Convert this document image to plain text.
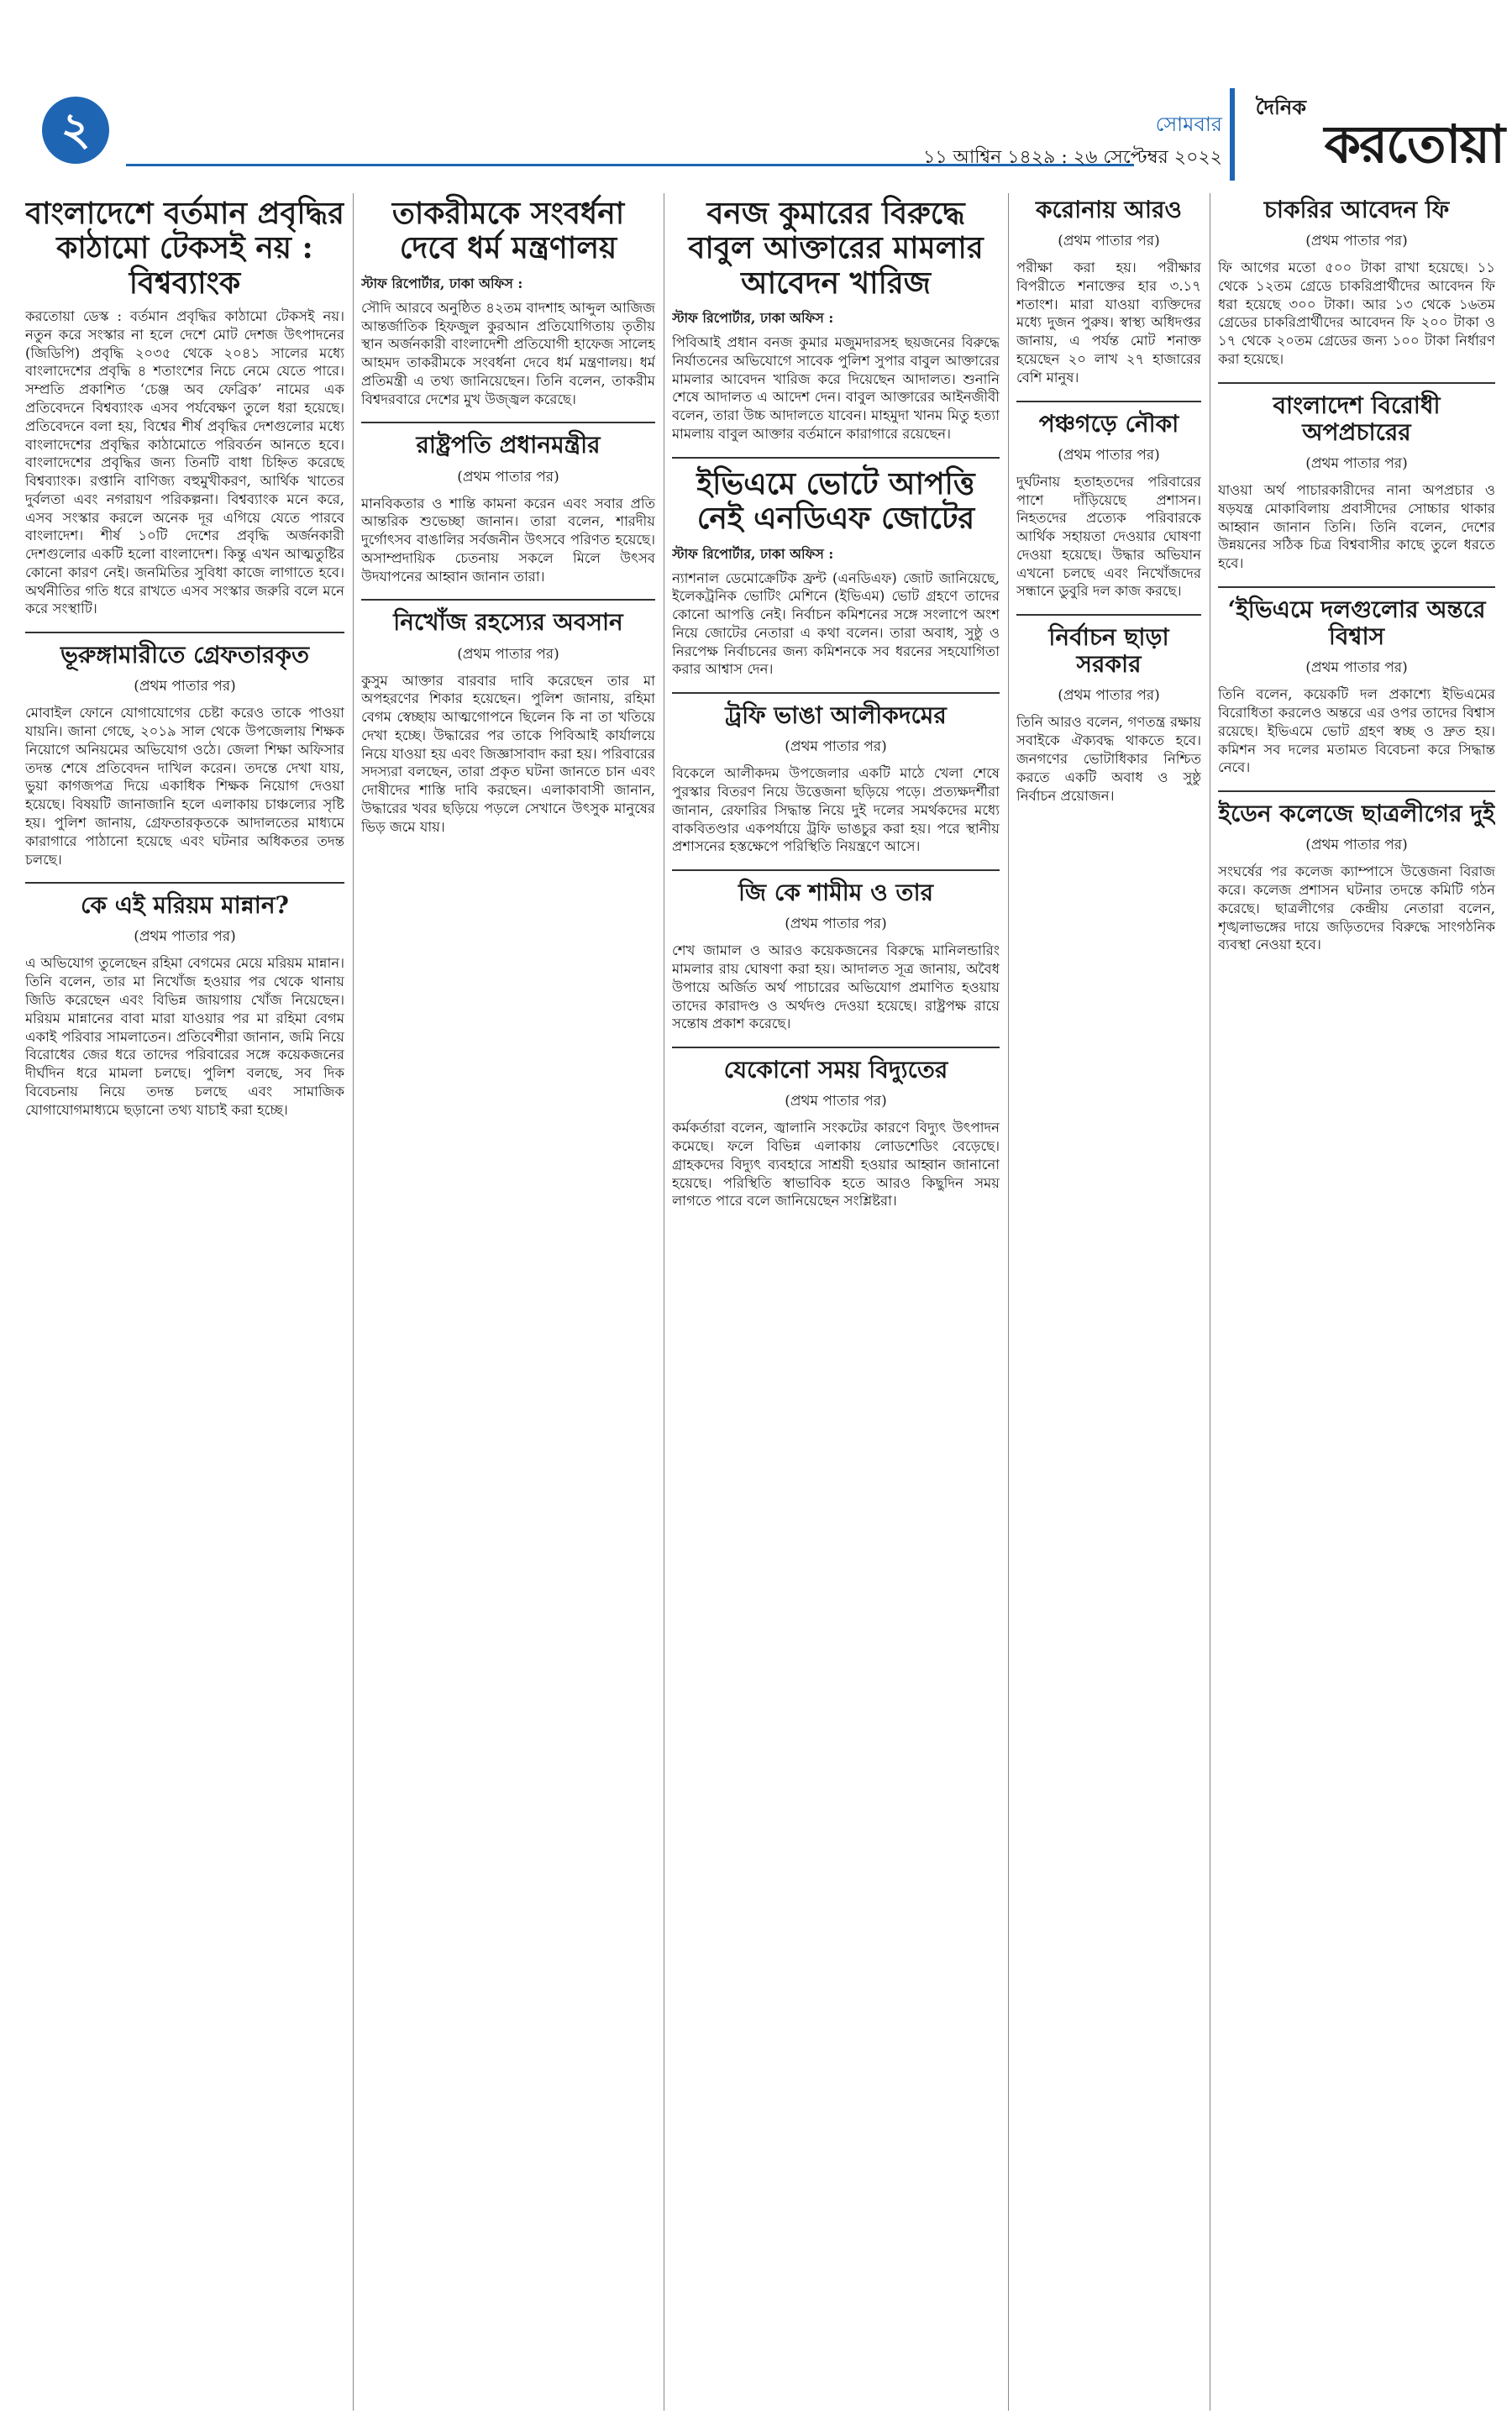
২	সোমবার
১১ আশ্বিন ১৪২৯ : ২৬ সেপ্টেম্বর ২০২২
দৈনিক
করতোয়া
বাংলাদেশে বর্তমান প্রবৃদ্ধির কাঠামো টেকসই নয় : বিশ্বব্যাংক
করতোয়া ডেস্ক : বর্তমান প্রবৃদ্ধির কাঠামো টেকসই নয়। নতুন করে সংস্কার না হলে দেশে মোট দেশজ উৎপাদনের (জিডিপি) প্রবৃদ্ধি ২০৩৫ থেকে ২০৪১ সালের মধ্যে বাংলাদেশের প্রবৃদ্ধি ৪ শতাংশের নিচে নেমে যেতে পারে। সম্প্রতি প্রকাশিত ‘চেঞ্জ অব ফেব্রিক’ নামের এক প্রতিবেদনে বিশ্বব্যাংক এসব পর্যবেক্ষণ তুলে ধরা হয়েছে। প্রতিবেদনে বলা হয়, বিশ্বের শীর্ষ প্রবৃদ্ধির দেশগুলোর মধ্যে বাংলাদেশের প্রবৃদ্ধির কাঠামোতে পরিবর্তন আনতে হবে। বাংলাদেশের প্রবৃদ্ধির জন্য তিনটি বাধা চিহ্নিত করেছে বিশ্বব্যাংক। রপ্তানি বাণিজ্য বহুমুখীকরণ, আর্থিক খাতের দুর্বলতা এবং নগরায়ণ পরিকল্পনা। বিশ্বব্যাংক মনে করে, এসব সংস্কার করলে অনেক দূর এগিয়ে যেতে পারবে বাংলাদেশ। শীর্ষ ১০টি দেশের প্রবৃদ্ধি অর্জনকারী দেশগুলোর একটি হলো বাংলাদেশ। কিন্তু এখন আত্মতুষ্টির কোনো কারণ নেই। জনমিতির সুবিধা কাজে লাগাতে হবে। অর্থনীতির গতি ধরে রাখতে এসব সংস্কার জরুরি বলে মনে করে সংস্থাটি।
ভূরুঙ্গামারীতে গ্রেফতারকৃত
(প্রথম পাতার পর)
মোবাইল ফোনে যোগাযোগের চেষ্টা করেও তাকে পাওয়া যায়নি। জানা গেছে, ২০১৯ সাল থেকে উপজেলায় শিক্ষক নিয়োগে অনিয়মের অভিযোগ ওঠে। জেলা শিক্ষা অফিসার তদন্ত শেষে প্রতিবেদন দাখিল করেন। তদন্তে দেখা যায়, ভুয়া কাগজপত্র দিয়ে একাধিক শিক্ষক নিয়োগ দেওয়া হয়েছে। বিষয়টি জানাজানি হলে এলাকায় চাঞ্চল্যের সৃষ্টি হয়। পুলিশ জানায়, গ্রেফতারকৃতকে আদালতের মাধ্যমে কারাগারে পাঠানো হয়েছে এবং ঘটনার অধিকতর তদন্ত চলছে।
কে এই মরিয়ম মান্নান?
(প্রথম পাতার পর)
এ অভিযোগ তুলেছেন রহিমা বেগমের মেয়ে মরিয়ম মান্নান। তিনি বলেন, তার মা নিখোঁজ হওয়ার পর থেকে থানায় জিডি করেছেন এবং বিভিন্ন জায়গায় খোঁজ নিয়েছেন। মরিয়ম মান্নানের বাবা মারা যাওয়ার পর মা রহিমা বেগম একাই পরিবার সামলাতেন। প্রতিবেশীরা জানান, জমি নিয়ে বিরোধের জের ধরে তাদের পরিবারের সঙ্গে কয়েকজনের দীর্ঘদিন ধরে মামলা চলছে। পুলিশ বলছে, সব দিক বিবেচনায় নিয়ে তদন্ত চলছে এবং সামাজিক যোগাযোগমাধ্যমে ছড়ানো তথ্য যাচাই করা হচ্ছে।
তাকরীমকে সংবর্ধনা দেবে ধর্ম মন্ত্রণালয়
স্টাফ রিপোর্টার, ঢাকা অফিস :
সৌদি আরবে অনুষ্ঠিত ৪২তম বাদশাহ আব্দুল আজিজ আন্তর্জাতিক হিফজুল কুরআন প্রতিযোগিতায় তৃতীয় স্থান অর্জনকারী বাংলাদেশী প্রতিযোগী হাফেজ সালেহ আহমদ তাকরীমকে সংবর্ধনা দেবে ধর্ম মন্ত্রণালয়। ধর্ম প্রতিমন্ত্রী এ তথ্য জানিয়েছেন। তিনি বলেন, তাকরীম বিশ্বদরবারে দেশের মুখ উজ্জ্বল করেছে।
রাষ্ট্রপতি প্রধানমন্ত্রীর
(প্রথম পাতার পর)
মানবিকতার ও শান্তি কামনা করেন এবং সবার প্রতি আন্তরিক শুভেচ্ছা জানান। তারা বলেন, শারদীয় দুর্গোৎসব বাঙালির সর্বজনীন উৎসবে পরিণত হয়েছে। অসাম্প্রদায়িক চেতনায় সকলে মিলে উৎসব উদযাপনের আহ্বান জানান তারা।
নিখোঁজ রহস্যের অবসান
(প্রথম পাতার পর)
কুসুম আক্তার বারবার দাবি করেছেন তার মা অপহরণের শিকার হয়েছেন। পুলিশ জানায়, রহিমা বেগম স্বেচ্ছায় আত্মগোপনে ছিলেন কি না তা খতিয়ে দেখা হচ্ছে। উদ্ধারের পর তাকে পিবিআই কার্যালয়ে নিয়ে যাওয়া হয় এবং জিজ্ঞাসাবাদ করা হয়। পরিবারের সদস্যরা বলছেন, তারা প্রকৃত ঘটনা জানতে চান এবং দোষীদের শাস্তি দাবি করছেন। এলাকাবাসী জানান, উদ্ধারের খবর ছড়িয়ে পড়লে সেখানে উৎসুক মানুষের ভিড় জমে যায়।
বনজ কুমারের বিরুদ্ধে বাবুল আক্তারের মামলার আবেদন খারিজ
স্টাফ রিপোর্টার, ঢাকা অফিস :
পিবিআই প্রধান বনজ কুমার মজুমদারসহ ছয়জনের বিরুদ্ধে নির্যাতনের অভিযোগে সাবেক পুলিশ সুপার বাবুল আক্তারের মামলার আবেদন খারিজ করে দিয়েছেন আদালত। শুনানি শেষে আদালত এ আদেশ দেন। বাবুল আক্তারের আইনজীবী বলেন, তারা উচ্চ আদালতে যাবেন। মাহমুদা খানম মিতু হত্যা মামলায় বাবুল আক্তার বর্তমানে কারাগারে রয়েছেন।
ইভিএমে ভোটে আপত্তি নেই এনডিএফ জোটের
স্টাফ রিপোর্টার, ঢাকা অফিস :
ন্যাশনাল ডেমোক্রেটিক ফ্রন্ট (এনডিএফ) জোট জানিয়েছে, ইলেকট্রনিক ভোটিং মেশিনে (ইভিএম) ভোট গ্রহণে তাদের কোনো আপত্তি নেই। নির্বাচন কমিশনের সঙ্গে সংলাপে অংশ নিয়ে জোটের নেতারা এ কথা বলেন। তারা অবাধ, সুষ্ঠু ও নিরপেক্ষ নির্বাচনের জন্য কমিশনকে সব ধরনের সহযোগিতা করার আশ্বাস দেন।
ট্রফি ভাঙা আলীকদমের
(প্রথম পাতার পর)
বিকেলে আলীকদম উপজেলার একটি মাঠে খেলা শেষে পুরস্কার বিতরণ নিয়ে উত্তেজনা ছড়িয়ে পড়ে। প্রত্যক্ষদর্শীরা জানান, রেফারির সিদ্ধান্ত নিয়ে দুই দলের সমর্থকদের মধ্যে বাকবিতণ্ডার একপর্যায়ে ট্রফি ভাঙচুর করা হয়। পরে স্থানীয় প্রশাসনের হস্তক্ষেপে পরিস্থিতি নিয়ন্ত্রণে আসে।
জি কে শামীম ও তার
(প্রথম পাতার পর)
শেখ জামাল ও আরও কয়েকজনের বিরুদ্ধে মানিলন্ডারিং মামলার রায় ঘোষণা করা হয়। আদালত সূত্র জানায়, অবৈধ উপায়ে অর্জিত অর্থ পাচারের অভিযোগ প্রমাণিত হওয়ায় তাদের কারাদণ্ড ও অর্থদণ্ড দেওয়া হয়েছে। রাষ্ট্রপক্ষ রায়ে সন্তোষ প্রকাশ করেছে।
যেকোনো সময় বিদ্যুতের
(প্রথম পাতার পর)
কর্মকর্তারা বলেন, জ্বালানি সংকটের কারণে বিদ্যুৎ উৎপাদন কমেছে। ফলে বিভিন্ন এলাকায় লোডশেডিং বেড়েছে। গ্রাহকদের বিদ্যুৎ ব্যবহারে সাশ্রয়ী হওয়ার আহ্বান জানানো হয়েছে। পরিস্থিতি স্বাভাবিক হতে আরও কিছুদিন সময় লাগতে পারে বলে জানিয়েছেন সংশ্লিষ্টরা।
করোনায় আরও
(প্রথম পাতার পর)
পরীক্ষা করা হয়। পরীক্ষার বিপরীতে শনাক্তের হার ৩.১৭ শতাংশ। মারা যাওয়া ব্যক্তিদের মধ্যে দুজন পুরুষ। স্বাস্থ্য অধিদপ্তর জানায়, এ পর্যন্ত মোট শনাক্ত হয়েছেন ২০ লাখ ২৭ হাজারের বেশি মানুষ।
পঞ্চগড়ে নৌকা
(প্রথম পাতার পর)
দুর্ঘটনায় হতাহতদের পরিবারের পাশে দাঁড়িয়েছে প্রশাসন। নিহতদের প্রত্যেক পরিবারকে আর্থিক সহায়তা দেওয়ার ঘোষণা দেওয়া হয়েছে। উদ্ধার অভিযান এখনো চলছে এবং নিখোঁজদের সন্ধানে ডুবুরি দল কাজ করছে।
নির্বাচন ছাড়া সরকার
(প্রথম পাতার পর)
তিনি আরও বলেন, গণতন্ত্র রক্ষায় সবাইকে ঐক্যবদ্ধ থাকতে হবে। জনগণের ভোটাধিকার নিশ্চিত করতে একটি অবাধ ও সুষ্ঠু নির্বাচন প্রয়োজন।
চাকরির আবেদন ফি
(প্রথম পাতার পর)
ফি আগের মতো ৫০০ টাকা রাখা হয়েছে। ১১ থেকে ১২তম গ্রেডে চাকরিপ্রার্থীদের আবেদন ফি ধরা হয়েছে ৩০০ টাকা। আর ১৩ থেকে ১৬তম গ্রেডের চাকরিপ্রার্থীদের আবেদন ফি ২০০ টাকা ও ১৭ থেকে ২০তম গ্রেডের জন্য ১০০ টাকা নির্ধারণ করা হয়েছে।
বাংলাদেশ বিরোধী অপপ্রচারের
(প্রথম পাতার পর)
যাওয়া অর্থ পাচারকারীদের নানা অপপ্রচার ও ষড়যন্ত্র মোকাবিলায় প্রবাসীদের সোচ্চার থাকার আহ্বান জানান তিনি। তিনি বলেন, দেশের উন্নয়নের সঠিক চিত্র বিশ্ববাসীর কাছে তুলে ধরতে হবে।
‘ইভিএমে দলগুলোর অন্তরে বিশ্বাস
(প্রথম পাতার পর)
তিনি বলেন, কয়েকটি দল প্রকাশ্যে ইভিএমের বিরোধিতা করলেও অন্তরে এর ওপর তাদের বিশ্বাস রয়েছে। ইভিএমে ভোট গ্রহণ স্বচ্ছ ও দ্রুত হয়। কমিশন সব দলের মতামত বিবেচনা করে সিদ্ধান্ত নেবে।
ইডেন কলেজে ছাত্রলীগের দুই
(প্রথম পাতার পর)
সংঘর্ষের পর কলেজ ক্যাম্পাসে উত্তেজনা বিরাজ করে। কলেজ প্রশাসন ঘটনার তদন্তে কমিটি গঠন করেছে। ছাত্রলীগের কেন্দ্রীয় নেতারা বলেন, শৃঙ্খলাভঙ্গের দায়ে জড়িতদের বিরুদ্ধে সাংগঠনিক ব্যবস্থা নেওয়া হবে।
